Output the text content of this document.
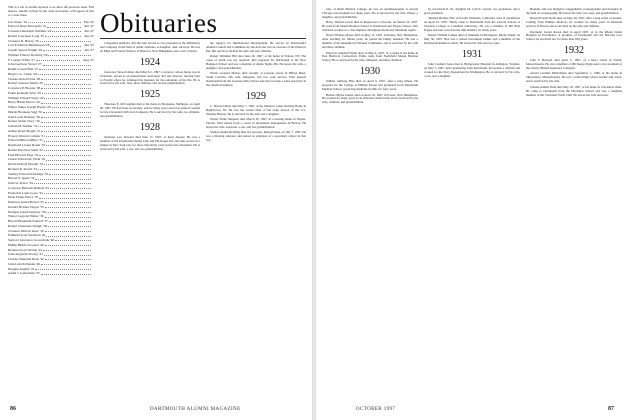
This is a list of deaths reported to us since the previous issue. Full notices, usually written by the class secretaries, will appear in this or a later issue.

Leo Stone '19	Feb. 97
Edward Jabez Petropolis '21	Jun. 97
Lawrence Rudolph Stebbins '24	Jun. 97
Robert Lancaster Long '25	Jun. 97
Clarence R. Havey '26
Carl Frederick Barkhausen '26	Jun. 97
Joseph Spoerl Wright '26	Jun. 97
William Francis Dowling '26
F. Lagran White '27	Aug. 97
John Garrison Stovel '27
Ralph Lowell Holt '27
Hugh C.G. Chase '28
Charles Arnold Sale '28
Robert Jackson Smith '28
Lawrence P. Brooks '28
Frank Kenneth Tyler '29
William Edward Weys '29
Harry Hibler Pierce '29
Walter James Joseph Hynes '29
Martin Bonneau Sigg '30
John Louis Delaney '30
Robert Alden Tracy '30
John Park Tendler '31
Arthur Israel Mogul '31
Everett Warren Colman '31
Edward Milton Miller '31
Raymond Lionel Rosen '32
Robert Knowles Snell '32
Fred Howard Page '32
Linton Edward R. Field '32
David Dolloff Morrell '33
Richard R. Roach '33
Stanley Edward Kittredge '33
Harold S. Quint '34
John W. Potter '34
Converse Bertram Daniels '34
Frederick Louis Gove '34
Dean Frank Pierce '35
Emerson Guild Brown '35
Donald Holden Thayer '35
Douglas Glenn Seabury '36
Walter Leopold Weber '36
Harold Benjamin Sandorf '37
Robert Johnstone Waugh '38
Clarence Dibrow Keer '39
Edmund Scott Newman '40
Sanford Lawrence Gootschalk '40
Phillip Birkford Green '40
Richard Scott Warren '41
John Augustus Pooley '41
Charles Sheridan Ryan '42
John Lulu Pollatsek '46
Douglas Ingalls '47
Adam J. Lieberman '55
Obituaries

a magazine publicist, and she later served as vice president of the Whittlesey and Company in the field of public relations. A daughter, Ann, survives. He was an Ethel and Francis Wallace of Hanover, New Hampshire, and a son, Charles.

1924

Lawrence Stowell Allen died March 2, 1997. Lawrence, whose home was in Scarsdale, served as an international auctioneer and sale director, moving later to Florida where he continued his business for the remainder of his life. He is survived by his wife, Jane, three children, and several grandchildren.

1925

Theodore E. McCaughan died at his home in Marquette, Michigan, on April 20, 1997. He had been an attorney, and for many years served as general counsel for the Cleveland Cliffs Iron Company. He is survived by his wife, two children, and grandchildren.

1928

Seymour Lew Dewald died June 17, 1997, of heart disease. He was a member of the Dartmouth Outing Club and Phi Kappa Psi, and later served as a banker in New York City for more than thirty years before his retirement. He is survived by his wife, a son, and two grandchildren.

the Agency for International Development. He served on Dartmouth's Alumni Council and Committee for the Arts and was an overseer of the Hanover Inn. His survivors include his wife and four children.

Robert Whidden Hill died June 20, 1997, at his home in Walton, NY. The cause of death was not reported. Bob prepared for Dartmouth at the New Hampton School and was a member of Alpha Sigma Phi. He leaves his wife, a daughter, and grandchildren.

Walter Leonard McKee died recently of prostate cancer in Milton Head, South Carolina. His wife, Margaret, and two sons survive. Walt entered Dartmouth from the Lawrenceville School and later became a sales executive in the chemical industry.

1929

L. Howard Moss died May 7, 1997, at the Meadow Lakes Nursing Home in Hightstown, NJ. He was the retired chief of the radio section of the U.S. Weather Bureau. He is survived by his wife and a daughter.

Walter White Simpson died March 30, 1997, in a nursing home in Naples, Florida. Walt retired from a career in investment management in Boston. He leaves his wife, Gertrude, a son, and two grandchildren.

Stanton Abdiel Richling died in Lancaster, Pennsylvania, on July 7, 1997. He was a lifelong educator and retired as principal of a secondary school in that city.

86	DARTMOUTH ALUMNI MAGAZINE

ratio of Rush Medical College, he was an anesthesiologist at several Chicago-area hospitals for many years. He is survived by his wife, Elinor, a daughter, and grandchildren.

Harry Thomas Lewis died in Englewood, Colorado, on March 10, 1997. He went from Mount Hermon School to Dartmouth and Thayer School, after which he worked as a civil engineer throughout the Rocky Mountain region.

David Thomas Mayer died on May 15, 1997, in Keene, New Hampshire. After teaching for fifteen years, he joined the family business. He was a member of the Republican National Committee, and is survived by his wife and three children.

Edward Campbell Noble died on May 4, 1997, of a stroke at his home in East Hartford, Connecticut. Eddie came from Northfield Mount Hermon School. He is survived by his wife, Margaret, and three children.

1930

Wilbert Anthony Bies died on April 9, 1997, after a long illness. He prepared for the College at Phillips Exeter and graduated from Dartmouth Medical School, practicing medicine in Ohio for forty years.

Herbert Myles Garner died on April 18, 1997, in Exeter, New Hampshire. He worked for many years as an insurance underwriter and is survived by his wife, children, and grandchildren.

by son David K. '61, daughter Dr. Gail K. Garrett, two grandsons, and a great-grandson.

Sheldon Herbert Hart of Pacific Palisades, California, died of pneumonia on April 22, 1997. Shelly came to Dartmouth from the Lincoln School of Teachers College at Columbia University. He was a member of Phi Beta Kappa and later served in the film industry for many years.

Robert William Lankas died of leukemia in Barrington, Rhode Island, on May 30, 1997. Bob was a retired investment banker and a member of the Dartmouth Alumni Council. He leaves his wife and two sons.

1931

John Canfield Jones died at Bridgewater Hospital in Arlington, Virginia, on May 7, 1997. After graduating from Dartmouth, he became a chemist and worked for the Navy Department in Washington. He is survived by his wife, a son, and a daughter.

Hopkins and was Rutgers's Guggenheim oceanographer and biologist in the field of oceanography. He leaves his wife, two sons, and grandchildren.

Harold Everett Rolfe died on May 28, 1997, after a long series of strokes. Coming from Phillips Andover, he worked for many years in financial services in Boston and is survived by his wife and children.

Raymond Lionel Rosen died in April 1997, of in the Rhode Island Hospital in Providence. A graduate of Dartmouth and the Harvard Law School, he practiced law for more than fifty years.

1932

John F. Bernard died April 5, 1997, of a heart attack in Salem, Massachusetts. He was a member of Phi Kappa Sigma and a vice president at the Liberty Mutual Insurance Company.

Arnold Gottlieb Ehrlichman died September 1, 1996, at his home in Shrewsbury, Massachusetts. He was a retired high school teacher and coach, and is survived by his wife.

Charles Adams Field died May 18, 1997, at his home in Cleveland, Ohio. He came to Dartmouth from the Hotchkiss School and was a longtime member of the Cleveland Yacht Club. He leaves his wife and sons.

OCTOBER 1997	87
